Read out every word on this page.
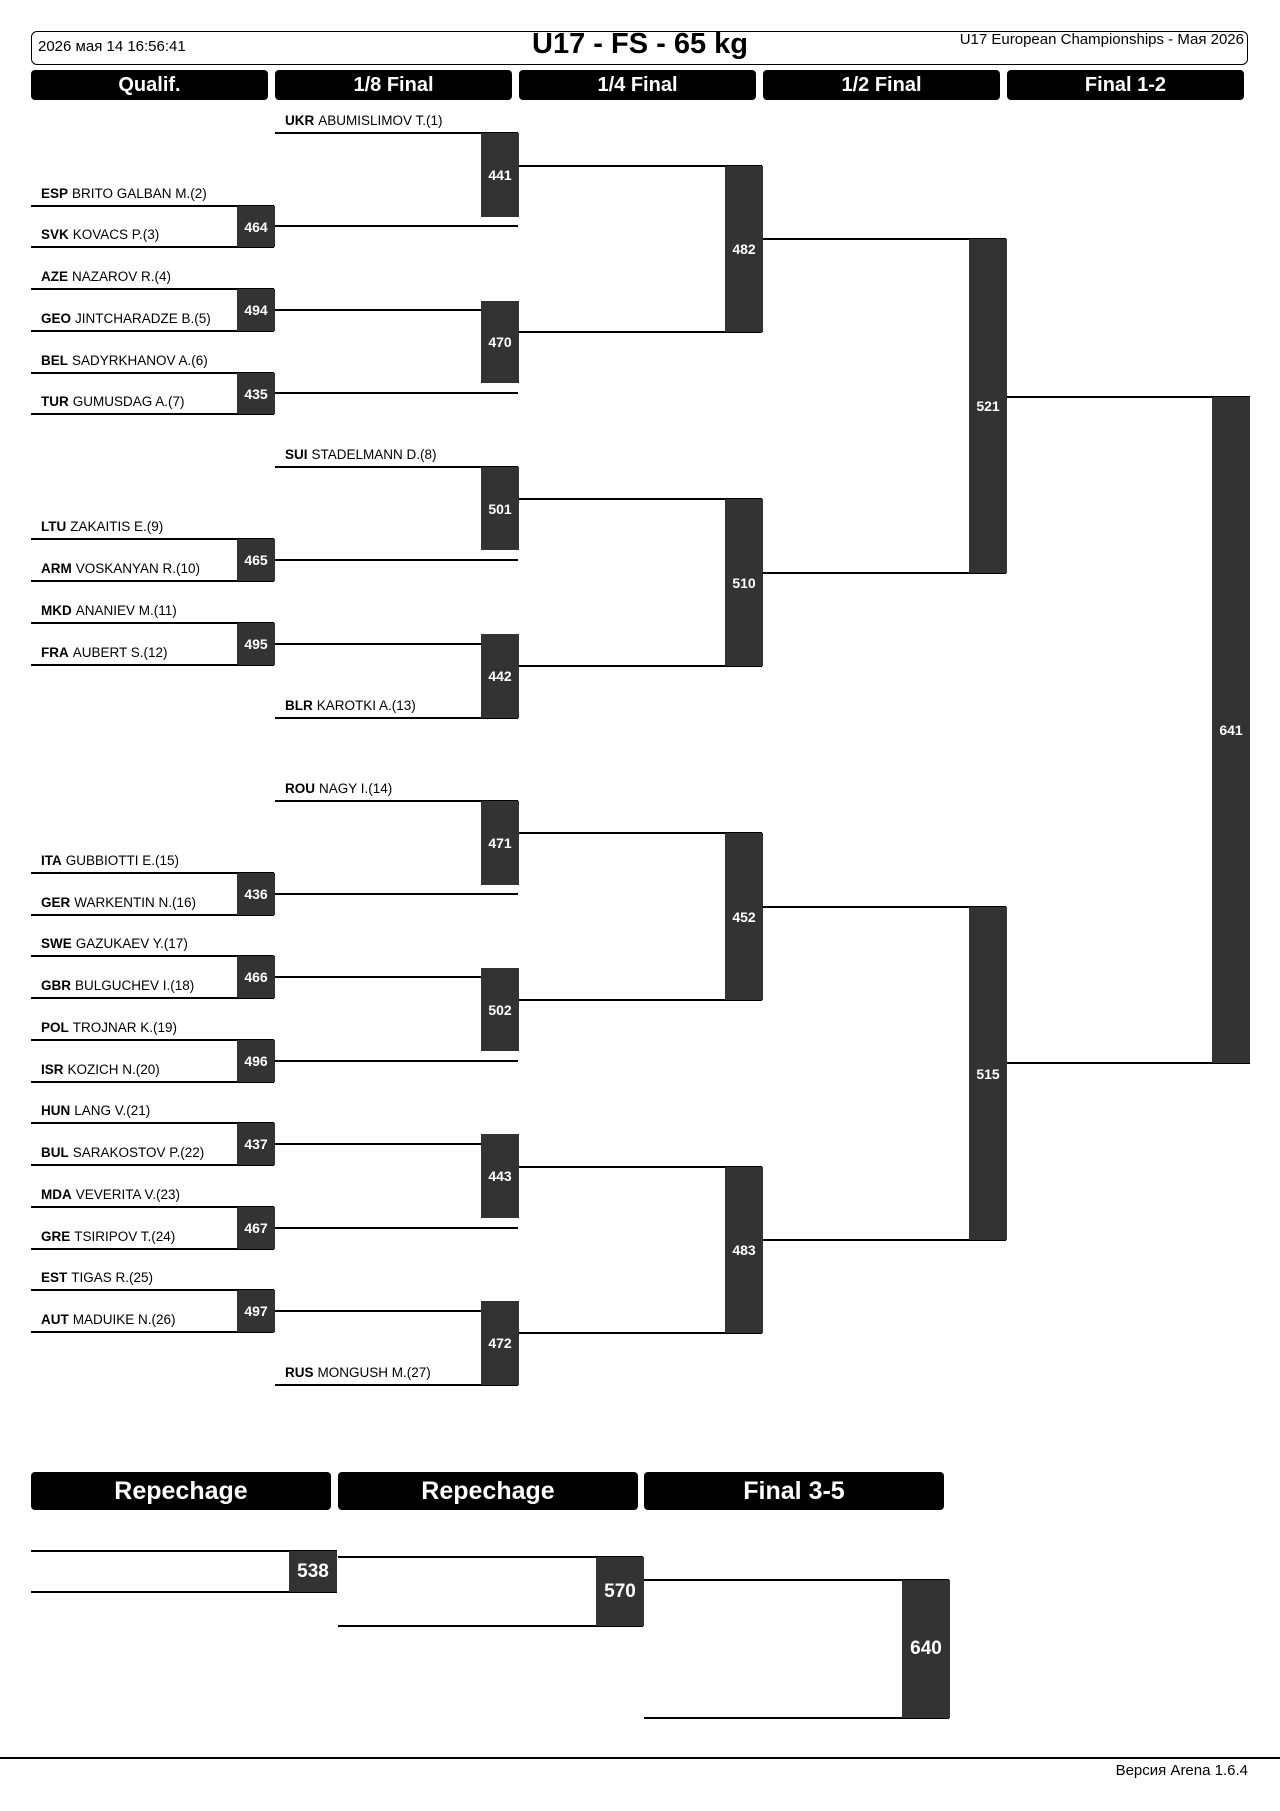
2026 мая 14 16:56:41	U17 - FS - 65 kg	U17 European Championships - Мая 2026
Версия Arena 1.6.4
Qualif.	1/8 Final	1/4 Final	1/2 Final	Final 1-2
Repechage	Repechage	Final 3-5
UKR ABUMISLIMOV T.(1)
ESP BRITO GALBAN M.(2)
SVK KOVACS P.(3)
AZE NAZAROV R.(4)
GEO JINTCHARADZE B.(5)
BEL SADYRKHANOV A.(6)
TUR GUMUSDAG A.(7)
SUI STADELMANN D.(8)
LTU ZAKAITIS E.(9)
ARM VOSKANYAN R.(10)
MKD ANANIEV M.(11)
FRA AUBERT S.(12)
BLR KAROTKI A.(13)
ROU NAGY I.(14)
ITA GUBBIOTTI E.(15)
GER WARKENTIN N.(16)
SWE GAZUKAEV Y.(17)
GBR BULGUCHEV I.(18)
POL TROJNAR K.(19)
ISR KOZICH N.(20)
HUN LANG V.(21)
BUL SARAKOSTOV P.(22)
MDA VEVERITA V.(23)
GRE TSIRIPOV T.(24)
EST TIGAS R.(25)
AUT MADUIKE N.(26)
RUS MONGUSH M.(27)
464
494
435
465
495
436
466
496
437
467
497
441
470
501
442
471
502
443
472
482
510
452
483
521
515
641
538
570
640
